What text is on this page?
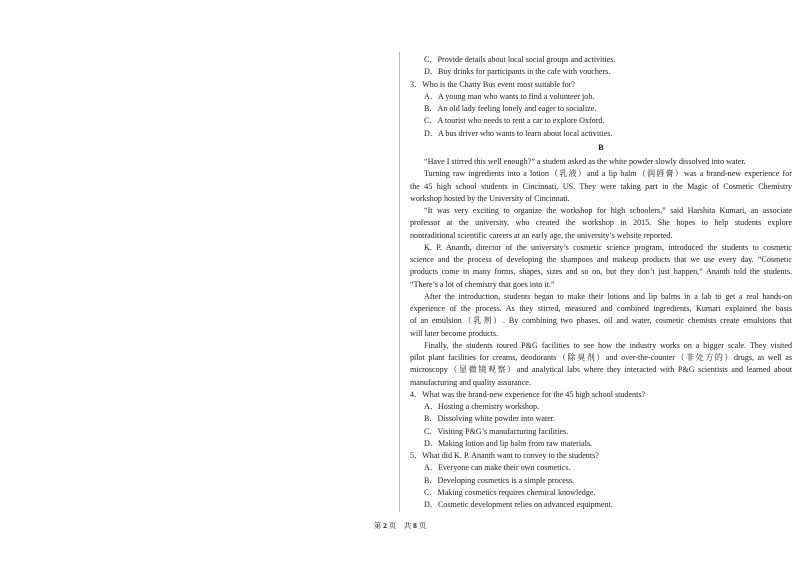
C．Provide details about local social groups and activities.
D．Buy drinks for participants in the cafe with vouchers.
3．Who is the Chatty Bus event most suitable for?
A．A young man who wants to find a volunteer job.
B．An old lady feeling lonely and eager to socialize.
C．A tourist who needs to rent a car to explore Oxford.
D．A bus driver who wants to learn about local activities.
B
“Have I stirred this well enough?” a student asked as the white powder slowly dissolved into water.
Turning raw ingredients into a lotion（乳液）and a lip balm（润唇膏）was a brand-new experience for
the 45 high school students in Cincinnati, US. They were taking part in the Magic of Cosmetic Chemistry
workshop hosted by the University of Cincinnati.
“It was very exciting to organize the workshop for high schoolers,” said Harshita Kumari, an associate
professor at the university, who created the workshop in 2015. She hopes to help students explore
nontraditional scientific careers at an early age, the university’s website reported.
K. P. Ananth, director of the university’s cosmetic science program, introduced the students to cosmetic
science and the process of developing the shampoos and makeup products that we use every day. “Cosmetic
products come in many forms, shapes, sizes and so on, but they don’t just happen,” Ananth told the students.
“There’s a lot of chemistry that goes into it.”
After the introduction, students began to make their lotions and lip balms in a lab to get a real hands-on
experience of the process. As they stirred, measured and combined ingredients, Kumari explained the basis
of an emulsion（乳剂）. By combining two phases, oil and water, cosmetic chemists create emulsions that
will later become products.
Finally, the students toured P&G facilities to see how the industry works on a bigger scale. They visited
pilot plant facilities for creams, deodorants（除臭剂）and over-the-counter（非处方的）drugs, as well as
microscopy（显微镜观察）and analytical labs where they interacted with P&G scientists and learned about
manufacturing and quality assurance.
4．What was the brand-new experience for the 45 high school students?
A．Hosting a chemistry workshop.
B．Dissolving white powder into water.
C．Visiting P&G’s manufacturing facilities.
D．Making lotion and lip balm from raw materials.
5．What did K. P. Ananth want to convey to the students?
A．Everyone can make their own cosmetics.
B．Developing cosmetics is a simple process.
C．Making cosmetics requires chemical knowledge.
D．Cosmetic development relies on advanced equipment.
第 2 页　共 8 页
